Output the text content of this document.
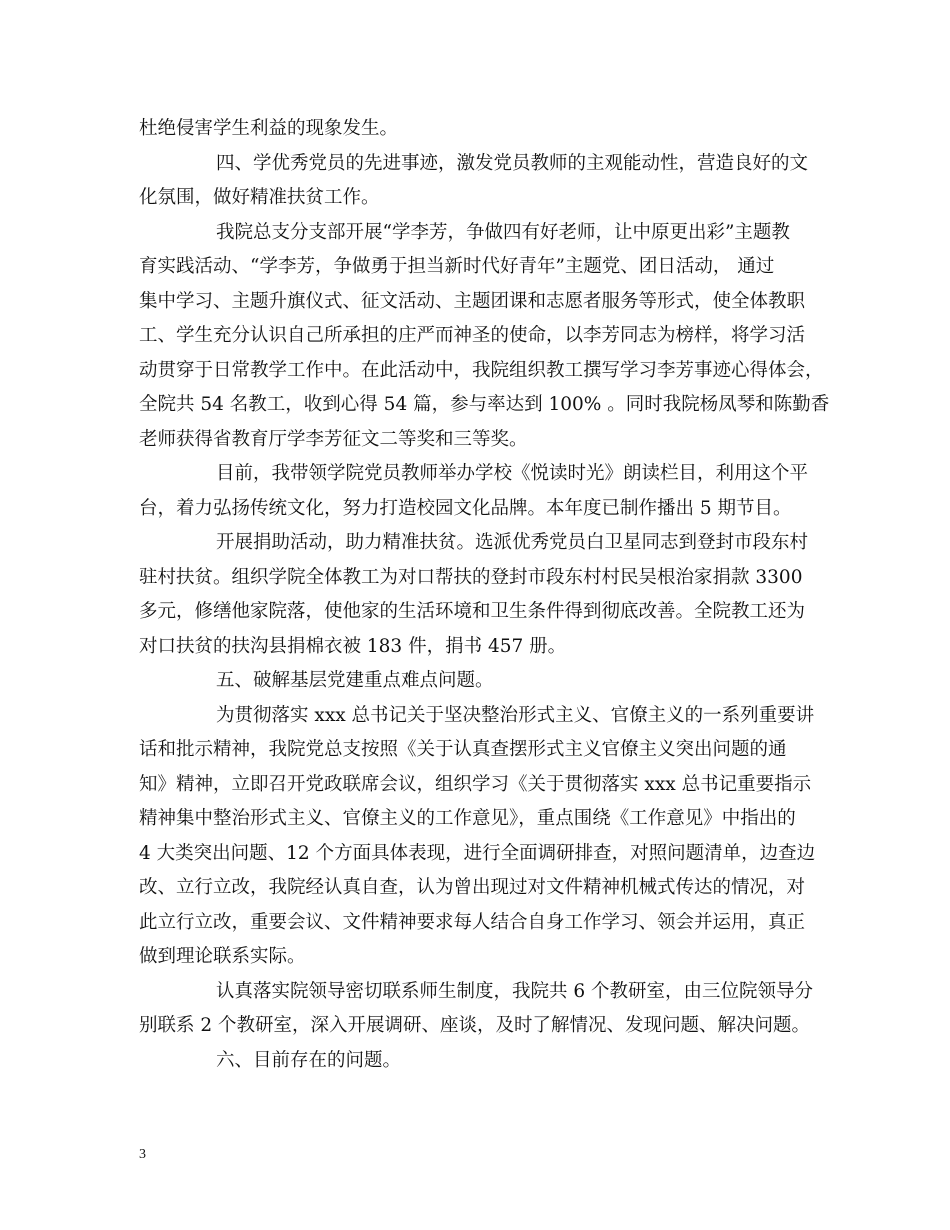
杜绝侵害学生利益的现象发生。
四、学优秀党员的先进事迹，激发党员教师的主观能动性，营造良好的文
化氛围，做好精准扶贫工作。
我院总支分支部开展“学李芳，争做四有好老师，让中原更出彩”主题教
育实践活动、“学李芳，争做勇于担当新时代好青年”主题党、团日活动， 通过
集中学习、主题升旗仪式、征文活动、主题团课和志愿者服务等形式，使全体教职
工、学生充分认识自己所承担的庄严而神圣的使命，以李芳同志为榜样，将学习活
动贯穿于日常教学工作中。在此活动中，我院组织教工撰写学习李芳事迹心得体会，
全院共 54 名教工，收到心得 54 篇，参与率达到 100% 。同时我院杨凤琴和陈勤香
老师获得省教育厅学李芳征文二等奖和三等奖。
目前，我带领学院党员教师举办学校《悦读时光》朗读栏目，利用这个平
台，着力弘扬传统文化，努力打造校园文化品牌。本年度已制作播出 5 期节目。
开展捐助活动，助力精准扶贫。选派优秀党员白卫星同志到登封市段东村
驻村扶贫。组织学院全体教工为对口帮扶的登封市段东村村民吴根治家捐款 3300
多元，修缮他家院落，使他家的生活环境和卫生条件得到彻底改善。全院教工还为
对口扶贫的扶沟县捐棉衣被 183 件，捐书 457 册。
五、破解基层党建重点难点问题。
为贯彻落实 xxx 总书记关于坚决整治形式主义、官僚主义的一系列重要讲
话和批示精神，我院党总支按照《关于认真查摆形式主义官僚主义突出问题的通
知》精神，立即召开党政联席会议，组织学习《关于贯彻落实 xxx 总书记重要指示
精神集中整治形式主义、官僚主义的工作意见》，重点围绕《工作意见》中指出的
4 大类突出问题、12 个方面具体表现，进行全面调研排查，对照问题清单，边查边
改、立行立改，我院经认真自查，认为曾出现过对文件精神机械式传达的情况，对
此立行立改，重要会议、文件精神要求每人结合自身工作学习、领会并运用，真正
做到理论联系实际。
认真落实院领导密切联系师生制度，我院共 6 个教研室，由三位院领导分
别联系 2 个教研室，深入开展调研、座谈，及时了解情况、发现问题、解决问题。
六、目前存在的问题。
3
